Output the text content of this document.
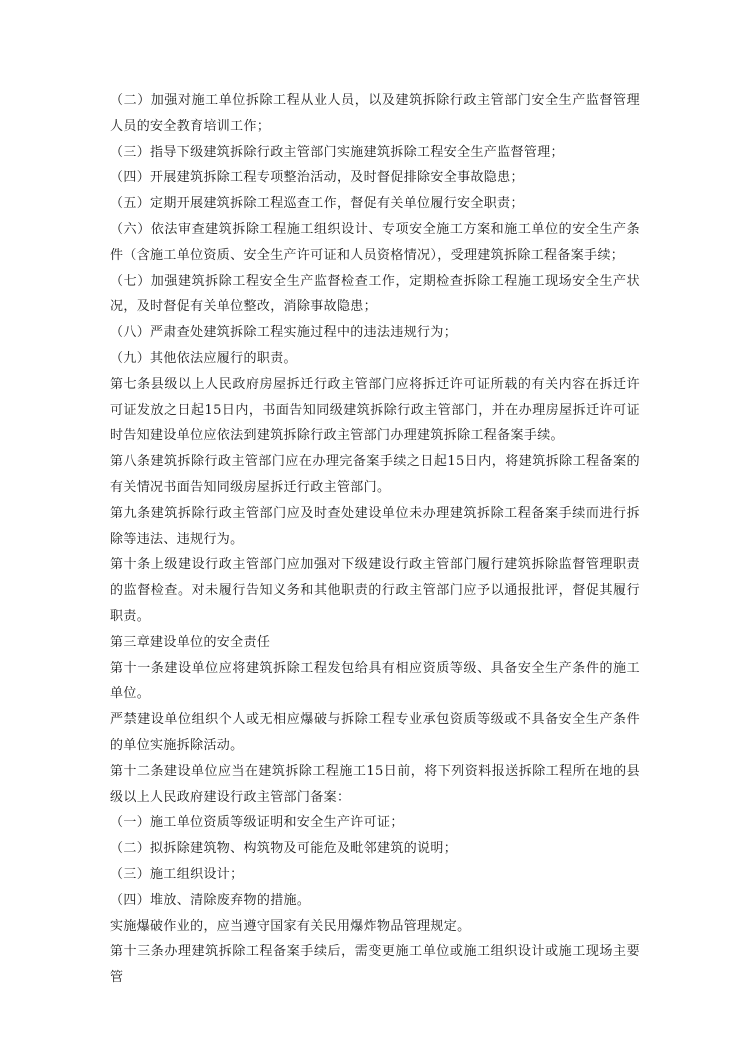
（二）加强对施工单位拆除工程从业人员，以及建筑拆除行政主管部门安全生产监督管理人员的安全教育培训工作；

（三）指导下级建筑拆除行政主管部门实施建筑拆除工程安全生产监督管理；

（四）开展建筑拆除工程专项整治活动，及时督促排除安全事故隐患；

（五）定期开展建筑拆除工程巡查工作，督促有关单位履行安全职责；

（六）依法审查建筑拆除工程施工组织设计、专项安全施工方案和施工单位的安全生产条件（含施工单位资质、安全生产许可证和人员资格情况），受理建筑拆除工程备案手续；

（七）加强建筑拆除工程安全生产监督检查工作，定期检查拆除工程施工现场安全生产状况，及时督促有关单位整改，消除事故隐患；

（八）严肃查处建筑拆除工程实施过程中的违法违规行为；

（九）其他依法应履行的职责。

第七条县级以上人民政府房屋拆迁行政主管部门应将拆迁许可证所载的有关内容在拆迁许可证发放之日起15日内，书面告知同级建筑拆除行政主管部门，并在办理房屋拆迁许可证时告知建设单位应依法到建筑拆除行政主管部门办理建筑拆除工程备案手续。

第八条建筑拆除行政主管部门应在办理完备案手续之日起15日内，将建筑拆除工程备案的有关情况书面告知同级房屋拆迁行政主管部门。

第九条建筑拆除行政主管部门应及时查处建设单位未办理建筑拆除工程备案手续而进行拆除等违法、违规行为。

第十条上级建设行政主管部门应加强对下级建设行政主管部门履行建筑拆除监督管理职责的监督检查。对未履行告知义务和其他职责的行政主管部门应予以通报批评，督促其履行职责。

第三章建设单位的安全责任

第十一条建设单位应将建筑拆除工程发包给具有相应资质等级、具备安全生产条件的施工单位。

严禁建设单位组织个人或无相应爆破与拆除工程专业承包资质等级或不具备安全生产条件的单位实施拆除活动。

第十二条建设单位应当在建筑拆除工程施工15日前，将下列资料报送拆除工程所在地的县级以上人民政府建设行政主管部门备案：

（一）施工单位资质等级证明和安全生产许可证；

（二）拟拆除建筑物、构筑物及可能危及毗邻建筑的说明；

（三）施工组织设计；

（四）堆放、清除废弃物的措施。

实施爆破作业的，应当遵守国家有关民用爆炸物品管理规定。

第十三条办理建筑拆除工程备案手续后，需变更施工单位或施工组织设计或施工现场主要管
